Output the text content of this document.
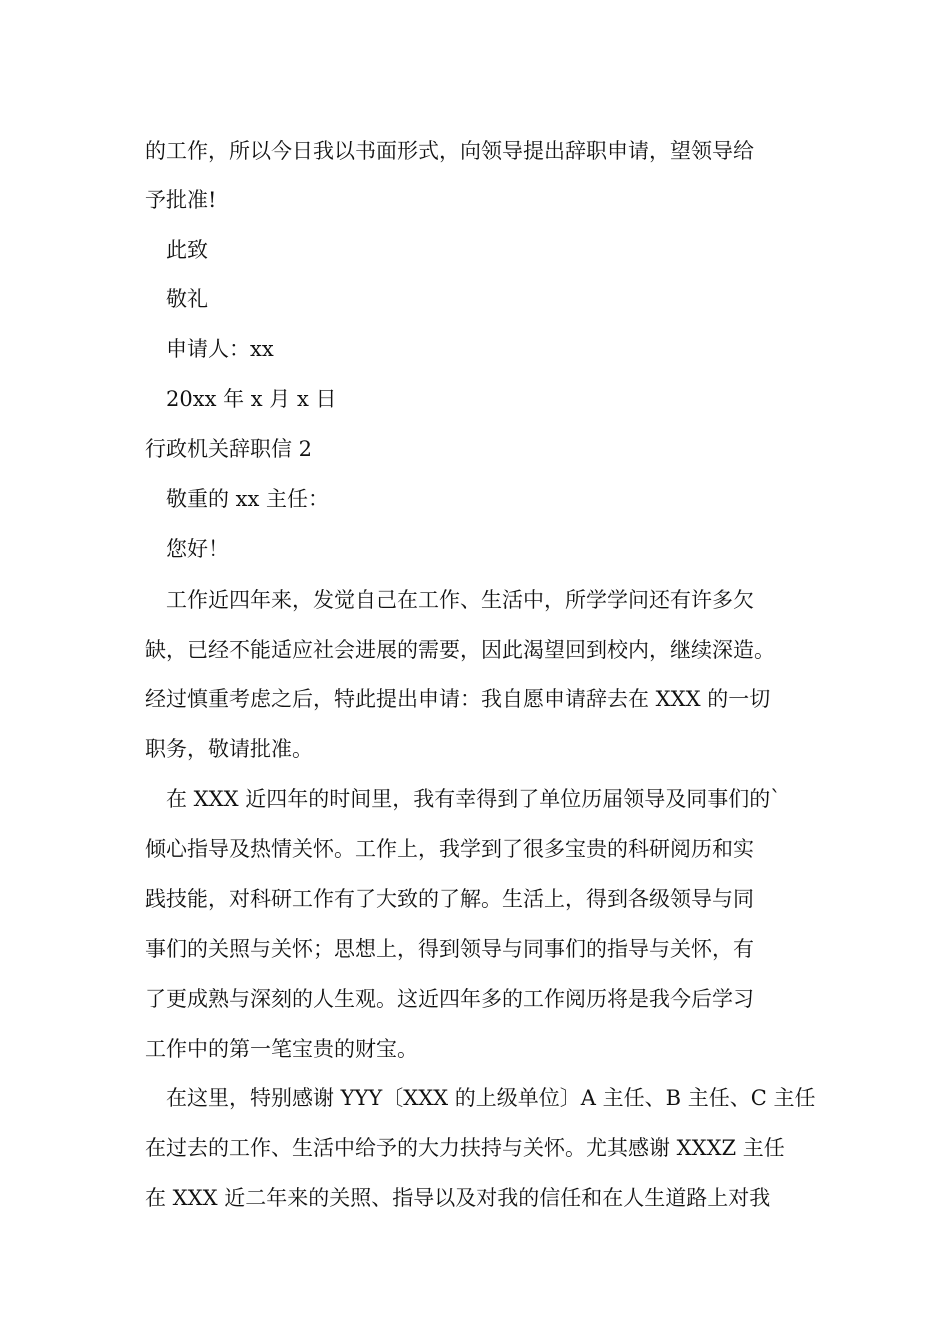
的工作，所以今日我以书面形式，向领导提出辞职申请，望领导给
予批准!
　此致
　敬礼
　申请人：xx
　20xx 年 x 月 x 日
行政机关辞职信 2
　敬重的 xx 主任：
　您好！
　工作近四年来，发觉自己在工作、生活中，所学学问还有许多欠
缺，已经不能适应社会进展的需要，因此渴望回到校内，继续深造。
经过慎重考虑之后，特此提出申请：我自愿申请辞去在 XXX 的一切
职务，敬请批准。
　在 XXX 近四年的时间里，我有幸得到了单位历届领导及同事们的`
倾心指导及热情关怀。工作上，我学到了很多宝贵的科研阅历和实
践技能，对科研工作有了大致的了解。生活上，得到各级领导与同
事们的关照与关怀；思想上，得到领导与同事们的指导与关怀，有
了更成熟与深刻的人生观。这近四年多的工作阅历将是我今后学习
工作中的第一笔宝贵的财宝。
　在这里，特别感谢 YYY〔XXX 的上级单位〕A 主任、B 主任、C 主任
在过去的工作、生活中给予的大力扶持与关怀。尤其感谢 XXXZ 主任
在 XXX 近二年来的关照、指导以及对我的信任和在人生道路上对我
